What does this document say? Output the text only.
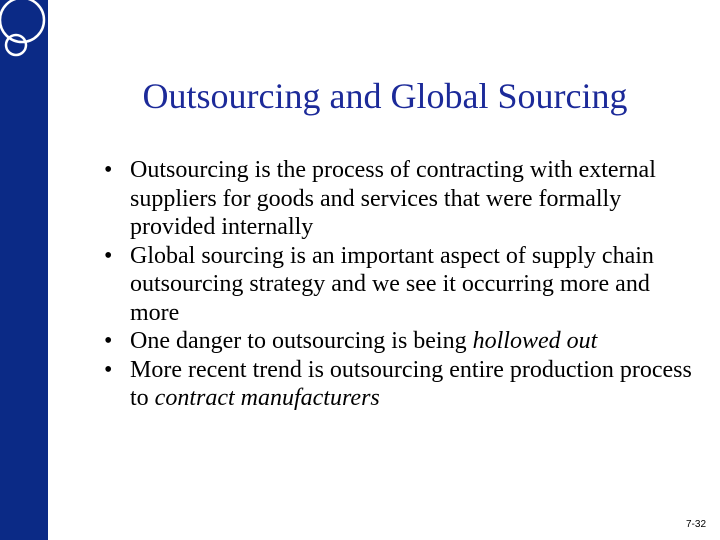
Outsourcing and Global Sourcing
• Outsourcing is the process of contracting with external suppliers for goods and services that were formally provided internally
• Global sourcing is an important aspect of supply chain outsourcing strategy and we see it occurring more and more
• One danger to outsourcing is being hollowed out
• More recent trend is outsourcing entire production process to contract manufacturers
7-32
